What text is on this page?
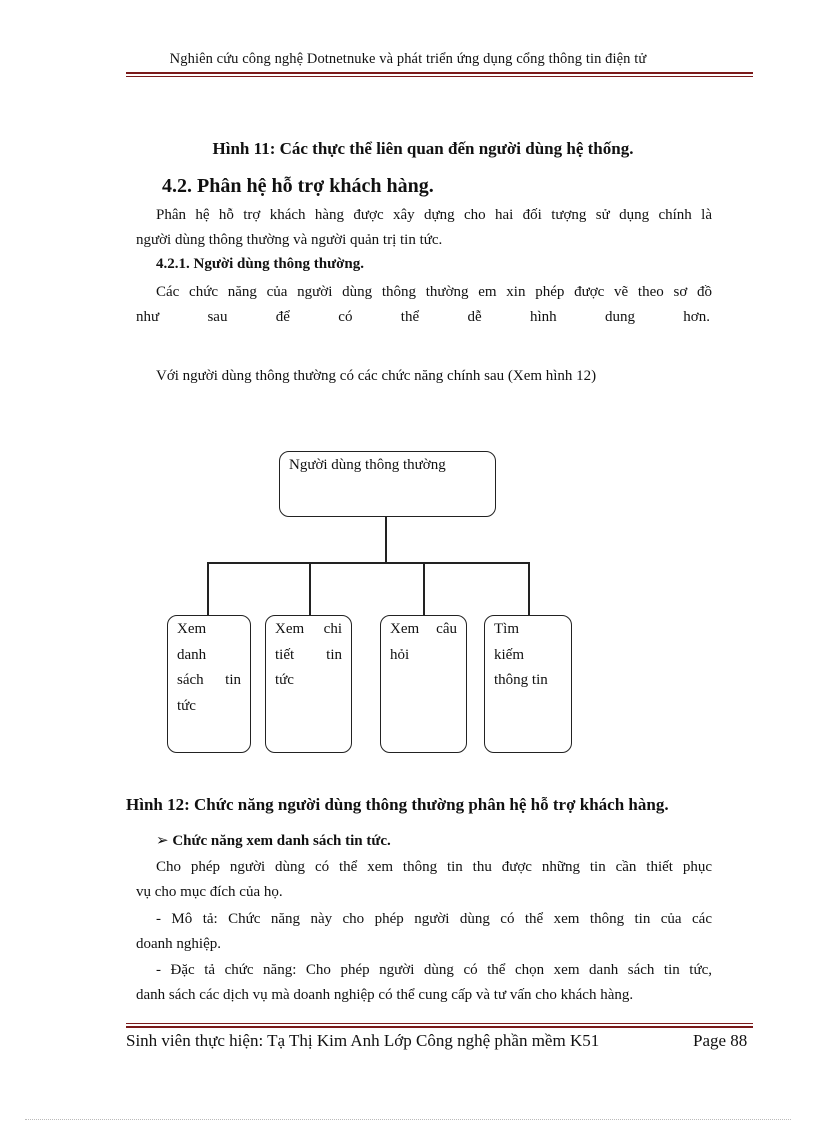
Nghiên cứu công nghệ Dotnetnuke và phát triển ứng dụng cổng thông tin điện tử
Hình 11: Các thực thể liên quan đến người dùng hệ thống.
4.2. Phân hệ hỗ trợ khách hàng.
Phân hệ hỗ trợ khách hàng được xây dựng cho hai đối tượng sử dụng chính là
người dùng thông thường và người quản trị tin tức.
4.2.1. Người dùng thông thường.
Các chức năng của người dùng thông thường em xin phép được vẽ theo sơ đồ
như	sau	để	có	thể	dễ	hình	dung	hơn.
Với người dùng thông thường có các chức năng chính sau (Xem hình 12)
Người dùng thông thường
Xem
danh
sách tin
tức
Xem chi
tiết tin
tức
Xem câu
hỏi
Tìm
kiếm
thông tin
Hình 12: Chức năng người dùng thông thường phân hệ hỗ trợ khách hàng.
➢ Chức năng xem danh sách tin tức.
Cho phép người dùng có thể xem thông tin thu được những tin cần thiết phục
vụ cho mục đích của họ.
- Mô tả: Chức năng này cho phép người dùng có thể xem thông tin của các
doanh nghiệp.
- Đặc tả chức năng: Cho phép người dùng có thể chọn xem danh sách tin tức,
danh sách các dịch vụ mà doanh nghiệp có thể cung cấp và tư vấn cho khách hàng.
Sinh viên thực hiện: Tạ Thị Kim Anh Lớp Công nghệ phần mềm K51	Page 88
